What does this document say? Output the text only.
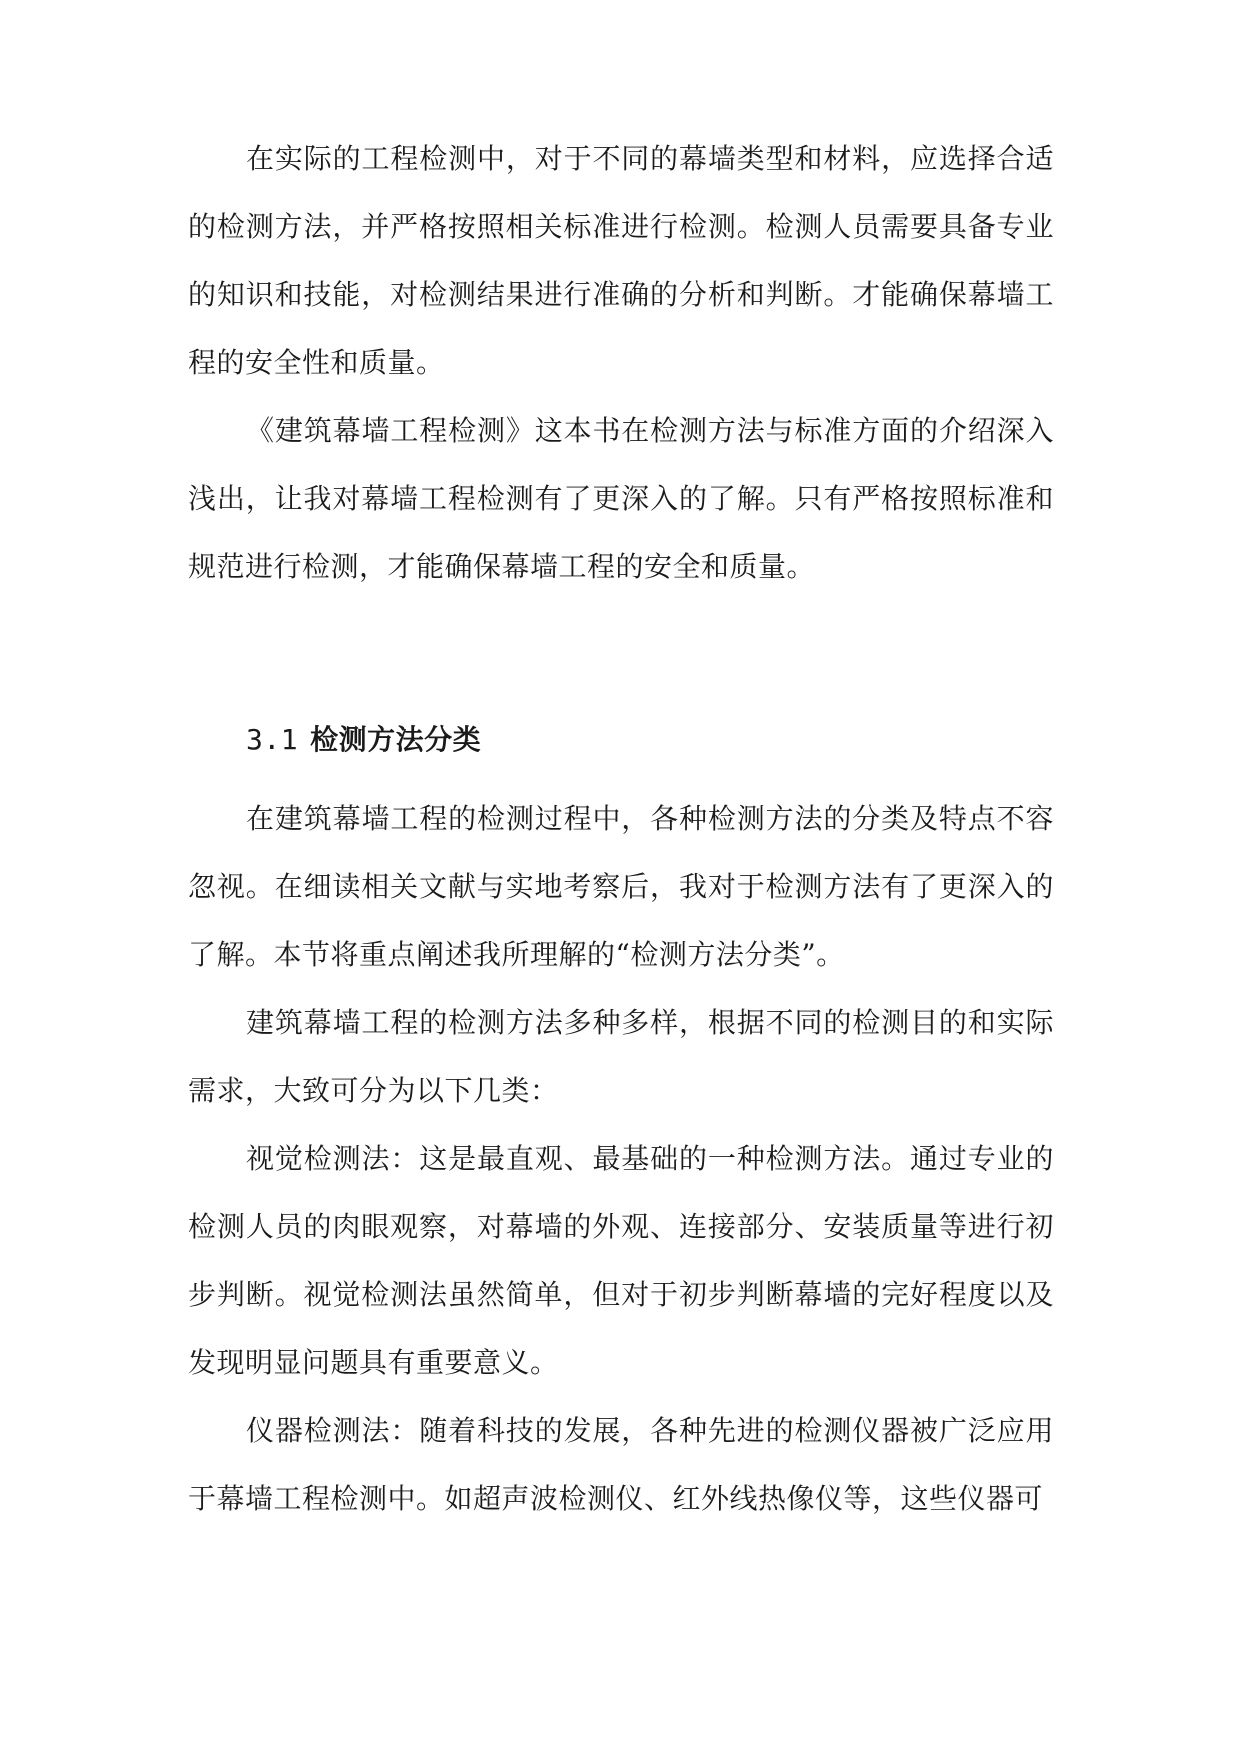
在实际的工程检测中，对于不同的幕墙类型和材料，应选择合适的检测方法，并严格按照相关标准进行检测。检测人员需要具备专业的知识和技能，对检测结果进行准确的分析和判断。才能确保幕墙工程的安全性和质量。

《建筑幕墙工程检测》这本书在检测方法与标准方面的介绍深入浅出，让我对幕墙工程检测有了更深入的了解。只有严格按照标准和规范进行检测，才能确保幕墙工程的安全和质量。

3.1 检测方法分类

在建筑幕墙工程的检测过程中，各种检测方法的分类及特点不容忽视。在细读相关文献与实地考察后，我对于检测方法有了更深入的了解。本节将重点阐述我所理解的“检测方法分类”。

建筑幕墙工程的检测方法多种多样，根据不同的检测目的和实际需求，大致可分为以下几类：

视觉检测法：这是最直观、最基础的一种检测方法。通过专业的检测人员的肉眼观察，对幕墙的外观、连接部分、安装质量等进行初步判断。视觉检测法虽然简单，但对于初步判断幕墙的完好程度以及发现明显问题具有重要意义。

仪器检测法：随着科技的发展，各种先进的检测仪器被广泛应用于幕墙工程检测中。如超声波检测仪、红外线热像仪等，这些仪器可
